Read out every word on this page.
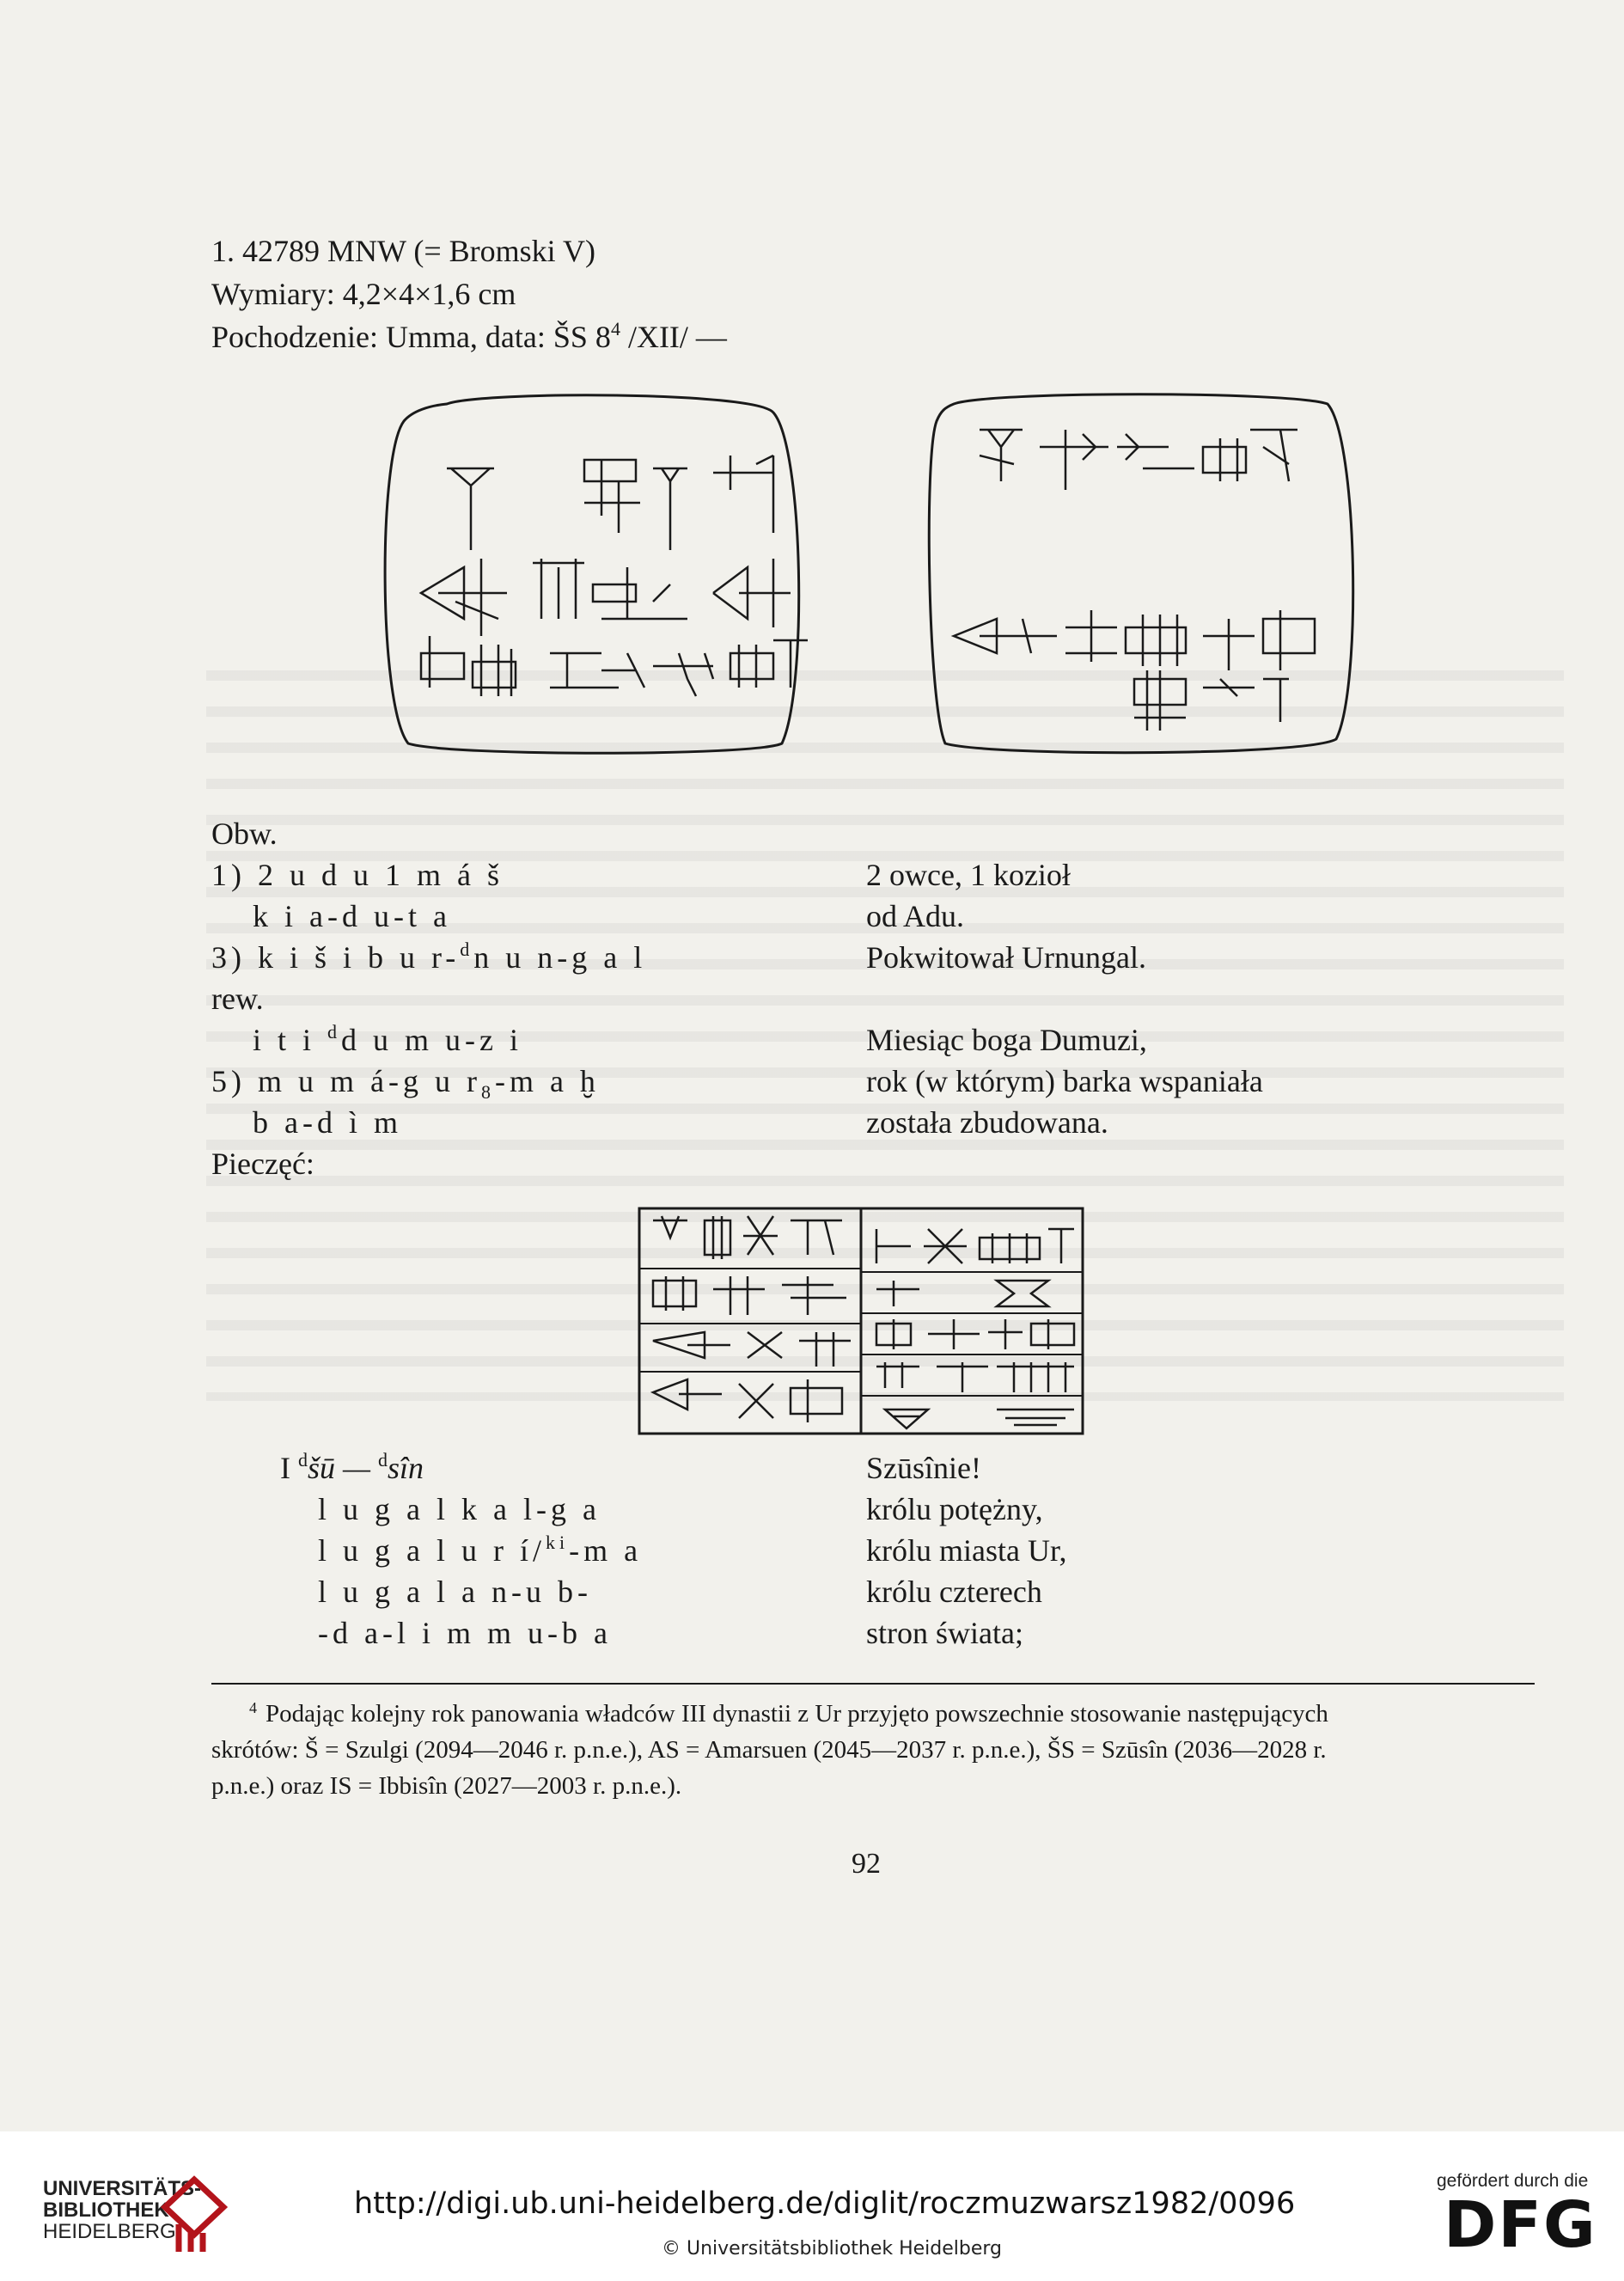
1. 42789 MNW (= Bromski V)
Wymiary: 4,2×4×1,6 cm
Pochodzenie: Umma, data: ŠS $8^4$ /XII/ —
Obw.
1) 2 u d u 1 m á š
k i a-d u-t a
3) k i š i b u r-$^d$n u n-g a l
rew.
i t i $^d$d u m u-z i
5) m u m á-g u $r^8-m$ a ḫ
b a-d ì m
Pieczęć:
2 owce, 1 kozioł
od Adu.
Pokwitował Urnungal.
Miesiąc boga Dumuzi,
rok (w którym) barka wspaniała
została zbudowana.
I $^d$šū — $^d$sîn
l u g a l k a l-g a
l u g a l u r í/$^{ki}$-m a
l u g a l a n-u b-
-d a-l i m m u-b a
Szūsînie!
królu potężny,
królu miasta Ur,
królu czterech
stron świata;
$^4$ Podając kolejny rok panowania władców III dynastii z Ur przyjęto powszechnie stosowanie następujących
skrótów: Š = Szulgi (2094—2046 r. p.n.e.), AS = Amarsuen (2045—2037 r. p.n.e.), ŠS = Szūsîn (2036—2028 r.
p.n.e.) oraz IS = Ibbisîn (2027—2003 r. p.n.e.).
92
UNIVERSITÄTS-
BIBLIOTHEK
HEIDELBERG
http://digi.ub.uni-heidelberg.de/diglit/roczmuzwarsz1982/0096
© Universitätsbibliothek Heidelberg
gefördert durch die
DFG
